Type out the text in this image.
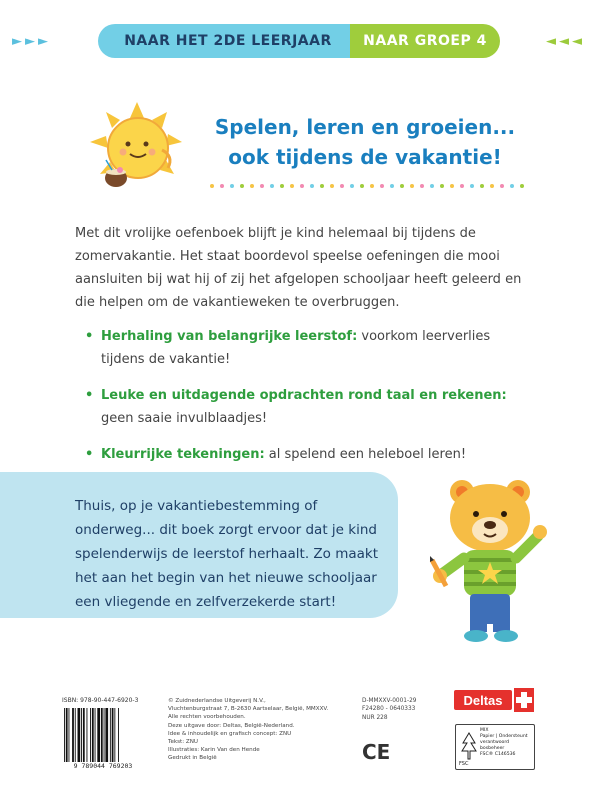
►►►	NAAR HET 2DE LEERJAAR	NAAR GROEP 4	◄◄◄
Spelen, leren en groeien...
ook tijdens de vakantie!

Met dit vrolijke oefenboek blijft je kind helemaal bij tijdens de zomervakantie. Het staat boordevol speelse oefeningen die mooi aansluiten bij wat hij of zij het afgelopen schooljaar heeft geleerd en die helpen om de vakantieweken te overbruggen.

• Herhaling van belangrijke leerstof: voorkom leerverlies tijdens de vakantie!
• Leuke en uitdagende opdrachten rond taal en rekenen: geen saaie invulblaadjes!
• Kleurrijke tekeningen: al spelend een heleboel leren!

Thuis, op je vakantiebestemming of onderweg... dit boek zorgt ervoor dat je kind spelenderwijs de leerstof herhaalt. Zo maakt het aan het begin van het nieuwe schooljaar een vliegende en zelfverzekerde start!

ISBN: 978-90-447-6920-3
9 789044 769203
© Zuidnederlandse Uitgeverij N.V.,
Vluchtenburgstraat 7, B-2630 Aartselaar, België, MMXXV.
Alle rechten voorbehouden.
Deze uitgave door: Deltas, België-Nederland.
Idee & inhoudelijk en grafisch concept: ZNU
Tekst: ZNU
Illustraties: Karin Van den Hende
Gedrukt in België
D-MMXXV-0001-29
F24280 - 0640333
NUR 228
CE
Deltas
MIX
Papier | Ondersteunt
verantwoord bosbeheer
FSC® C146536
FSC
